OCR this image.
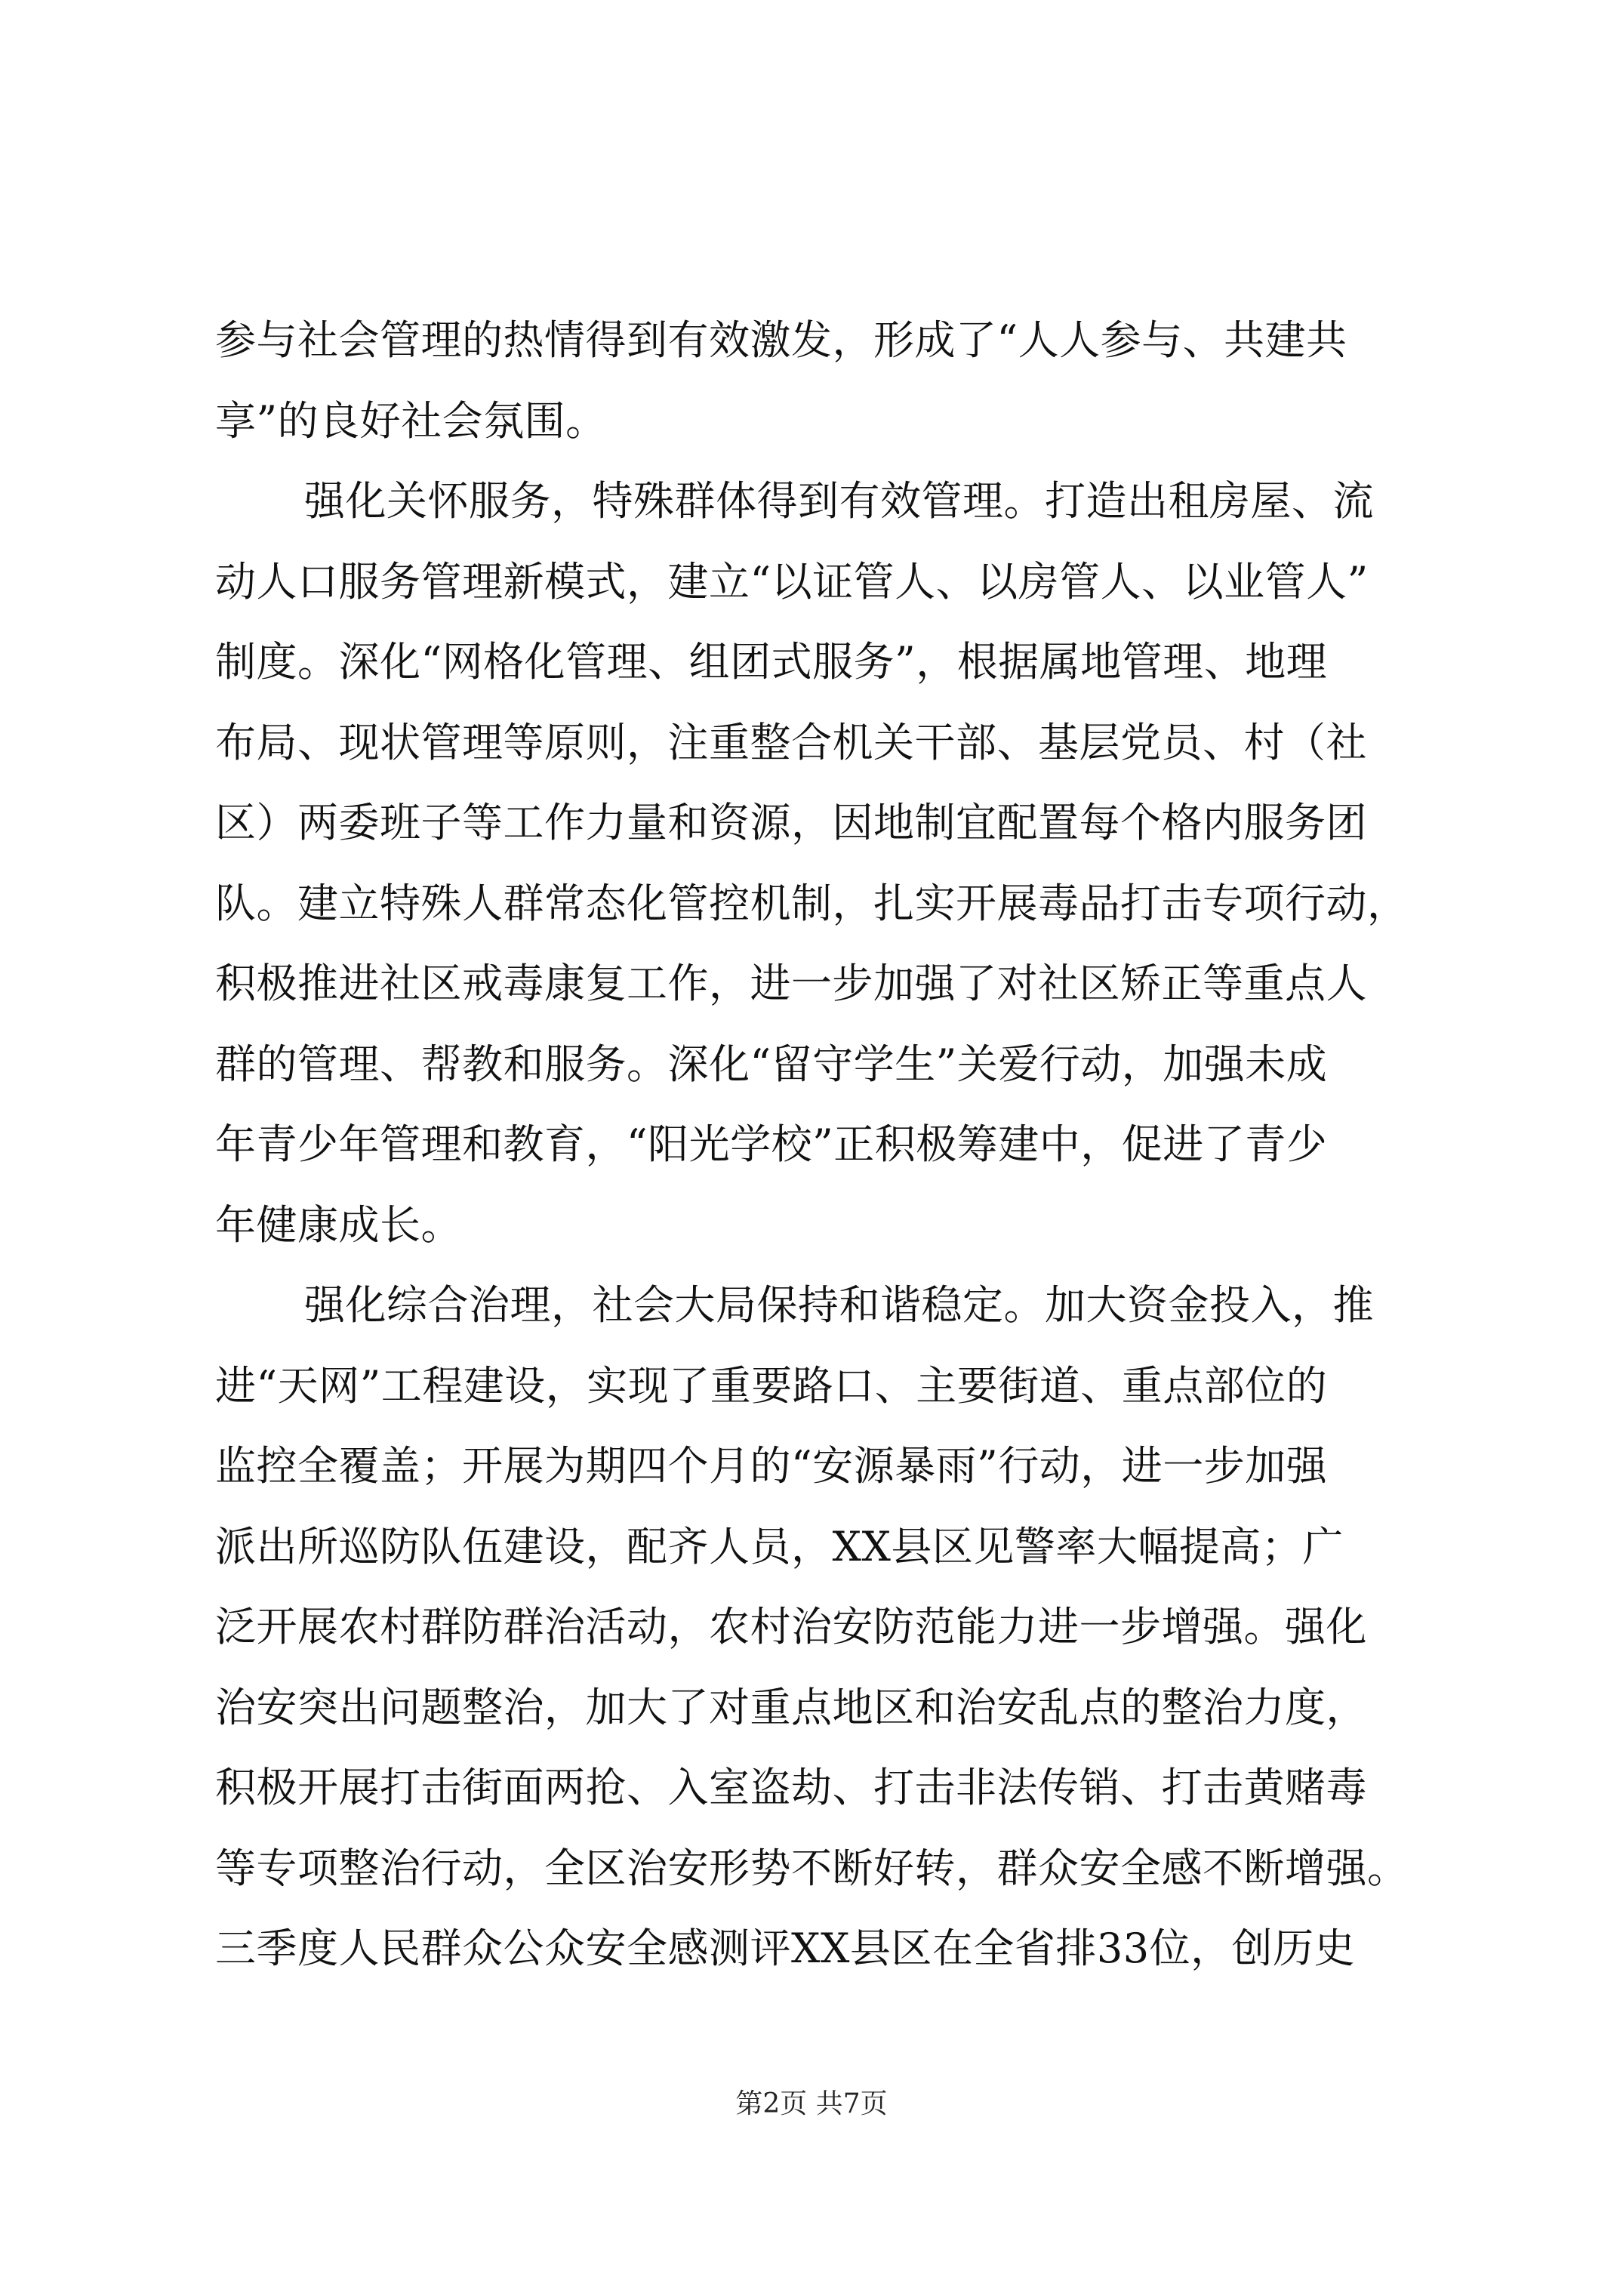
参与社会管理的热情得到有效激发，形成了“人人参与、共建共
享”的良好社会氛围。
强化关怀服务，特殊群体得到有效管理。打造出租房屋、流
动人口服务管理新模式，建立“以证管人、以房管人、以业管人”
制度。深化“网格化管理、组团式服务”，根据属地管理、地理
布局、现状管理等原则，注重整合机关干部、基层党员、村（社
区）两委班子等工作力量和资源，因地制宜配置每个格内服务团
队。建立特殊人群常态化管控机制，扎实开展毒品打击专项行动，
积极推进社区戒毒康复工作，进一步加强了对社区矫正等重点人
群的管理、帮教和服务。深化“留守学生”关爱行动，加强未成
年青少年管理和教育，“阳光学校”正积极筹建中，促进了青少
年健康成长。
强化综合治理，社会大局保持和谐稳定。加大资金投入，推
进“天网”工程建设，实现了重要路口、主要街道、重点部位的
监控全覆盖；开展为期四个月的“安源暴雨”行动，进一步加强
派出所巡防队伍建设，配齐人员，XX县区见警率大幅提高；广
泛开展农村群防群治活动，农村治安防范能力进一步增强。强化
治安突出问题整治，加大了对重点地区和治安乱点的整治力度，
积极开展打击街面两抢、入室盗劫、打击非法传销、打击黄赌毒
等专项整治行动，全区治安形势不断好转，群众安全感不断增强。
三季度人民群众公众安全感测评XX县区在全省排33位，创历史
第2页 共7页
